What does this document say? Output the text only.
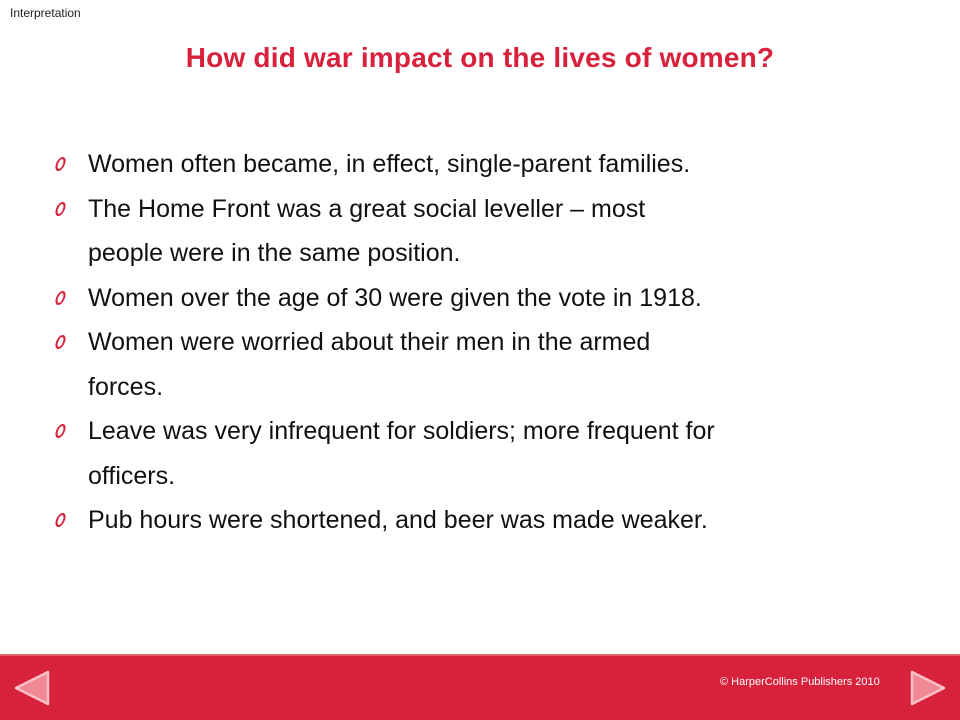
Interpretation
How did war impact on the lives of women?
Women often became, in effect, single-parent families.
The Home Front was a great social leveller – most
people were in the same position.
Women over the age of 30 were given the vote in 1918.
Women were worried about their men in the armed
forces.
Leave was very infrequent for soldiers; more frequent for
officers.
Pub hours were shortened, and beer was made weaker.
© HarperCollins Publishers 2010
